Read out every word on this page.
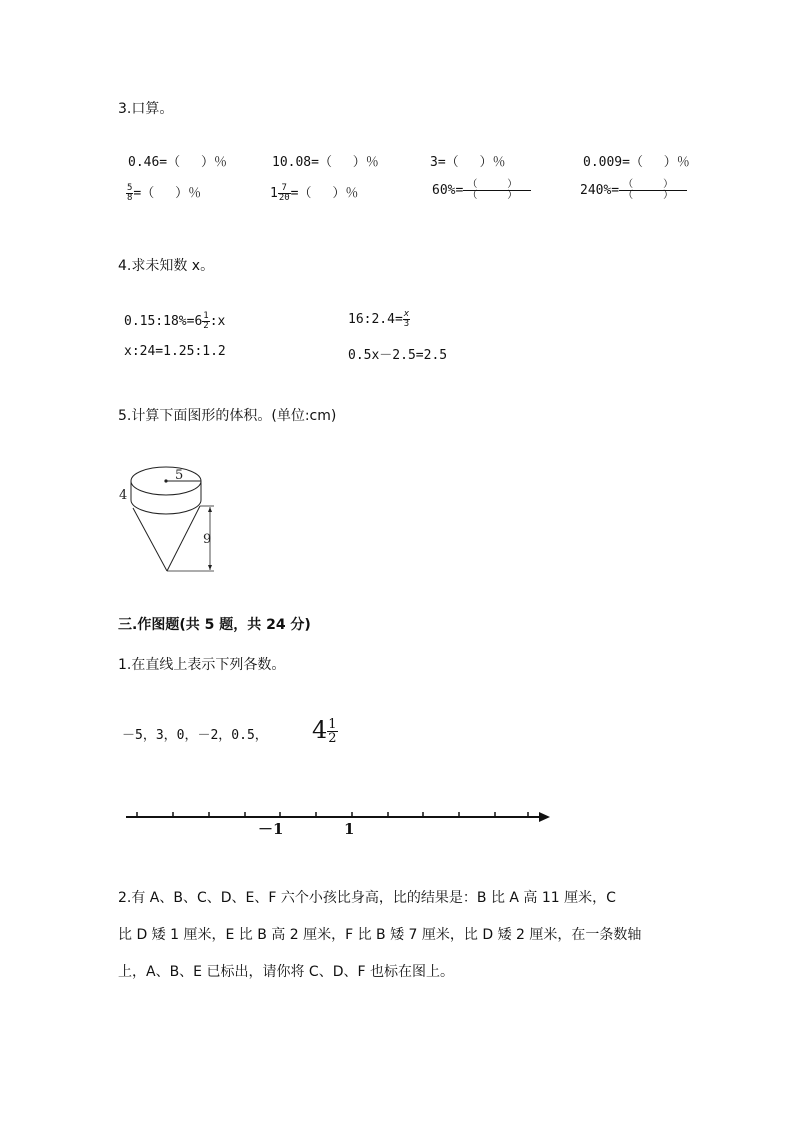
3.口算。
0.46=（　 ）％	10.08=（　 ）％	3=（　 ）％	0.009=（　 ）％
$\frac{5}{8}$ =（　 ）％	$1 \frac{7}{20}$ =（　 ）％	$60\%= \frac{( )}{( )}$	$240\%= \frac{( )}{( )}$
4.求未知数 x。
0.15:18%=6 $\frac{1}{2}$ :x	16:2.4= $\frac{x}{3}$
x:24=1.25:1.2	0.5x－2.5=2.5
5.计算下面图形的体积。(单位:cm)
5
4
9
三.作图题(共 5 题，共 24 分)
1.在直线上表示下列各数。
－5，3，0，－2，0.5， $4 \frac{1}{2}$
－1	1
2.有 A、B、C、D、E、F 六个小孩比身高，比的结果是：B 比 A 高 11 厘米，C
比 D 矮 1 厘米，E 比 B 高 2 厘米，F 比 B 矮 7 厘米，比 D 矮 2 厘米，在一条数轴
上，A、B、E 已标出，请你将 C、D、F 也标在图上。
